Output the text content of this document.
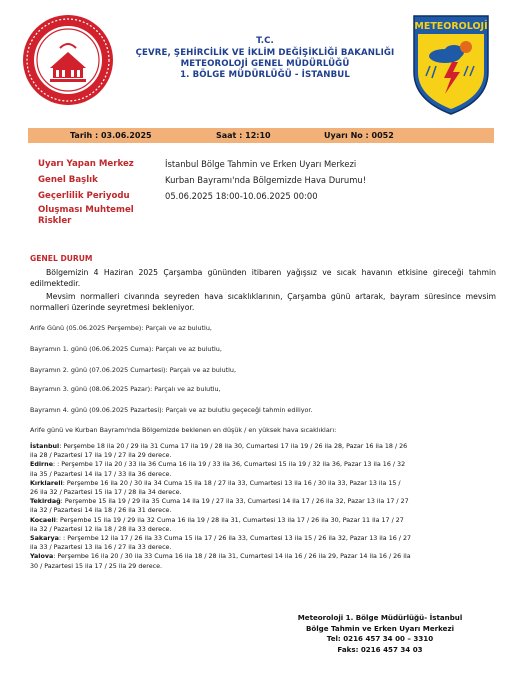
T.C.
ÇEVRE, ŞEHİRCİLİK VE İKLİM DEĞİŞİKLİĞİ BAKANLIĞI
METEOROLOJİ GENEL MÜDÜRLÜĞÜ
1. BÖLGE MÜDÜRLÜĞÜ - İSTANBUL
METEOROLOJİ
Tarih : 03.06.2025	Saat : 12:10	Uyarı No : 0052
Uyarı Yapan Merkez	İstanbul Bölge Tahmin ve Erken Uyarı Merkezi
Genel Başlık	Kurban Bayramı'nda Bölgemizde Hava Durumu!
Geçerlilik Periyodu	05.06.2025 18:00-10.06.2025 00:00
Oluşması Muhtemel Riskler
GENEL DURUM
Bölgemizin 4 Haziran 2025 Çarşamba gününden itibaren yağışsız ve sıcak havanın etkisine gireceği tahmin edilmektedir.
Mevsim normalleri civarında seyreden hava sıcaklıklarının, Çarşamba günü artarak, bayram süresince mevsim normalleri üzerinde seyretmesi bekleniyor.
Arife Günü (05.06.2025 Perşembe): Parçalı ve az bulutlu,
Bayramın 1. günü (06.06.2025 Cuma): Parçalı ve az bulutlu,
Bayramın 2. günü (07.06.2025 Cumartesi): Parçalı ve az bulutlu,
Bayramın 3. günü (08.06.2025 Pazar): Parçalı ve az bulutlu,
Bayramın 4. günü (09.06.2025 Pazartesi): Parçalı ve az bulutlu geçeceği tahmin ediliyor.
Arife günü ve Kurban Bayramı'nda Bölgemizde beklenen en düşük / en yüksek hava sıcaklıkları:
İstanbul: Perşembe 18 ila 20 / 29 ila 31 Cuma 17 ila 19 / 28 ila 30, Cumartesi 17 ila 19 / 26 ila 28, Pazar 16 ila 18 / 26
ila 28 / Pazartesi 17 ila 19 / 27 ila 29 derece.
Edirne: : Perşembe 17 ila 20 / 33 ila 36 Cuma 16 ila 19 / 33 ila 36, Cumartesi 15 ila 19 / 32 ila 36, Pazar 13 ila 16 / 32
ila 35 / Pazartesi 14 ila 17 / 33 ila 36 derece.
Kırklareli: Perşembe 16 ila 20 / 30 ila 34 Cuma 15 ila 18 / 27 ila 33, Cumartesi 13 ila 16 / 30 ila 33, Pazar 13 ila 15 /
26 ila 32 / Pazartesi 15 ila 17 / 28 ila 34 derece.
Tekirdağ: Perşembe 15 ila 19 / 29 ila 35 Cuma 14 ila 19 / 27 ila 33, Cumartesi 14 ila 17 / 26 ila 32, Pazar 13 ila 17 / 27
ila 32 / Pazartesi 14 ila 18 / 26 ila 31 derece.
Kocaeli: Perşembe 15 ila 19 / 29 ila 32 Cuma 16 ila 19 / 28 ila 31, Cumartesi 13 ila 17 / 26 ila 30, Pazar 11 ila 17 / 27
ila 32 / Pazartesi 12 ila 18 / 28 ila 33 derece.
Sakarya: : Perşembe 12 ila 17 / 26 ila 33 Cuma 15 ila 17 / 26 ila 33, Cumartesi 13 ila 15 / 26 ila 32, Pazar 13 ila 16 / 27
ila 33 / Pazartesi 13 ila 16 / 27 ila 33 derece.
Yalova: Perşembe 16 ila 20 / 30 ila 33 Cuma 16 ila 18 / 28 ila 31, Cumartesi 14 ila 16 / 26 ila 29, Pazar 14 ila 16 / 26 ila
30 / Pazartesi 15 ila 17 / 25 ila 29 derece.
Meteoroloji 1. Bölge Müdürlüğü- İstanbul
Bölge Tahmin ve Erken Uyarı Merkezi
Tel: 0216 457 34 00 – 3310
Faks: 0216 457 34 03
